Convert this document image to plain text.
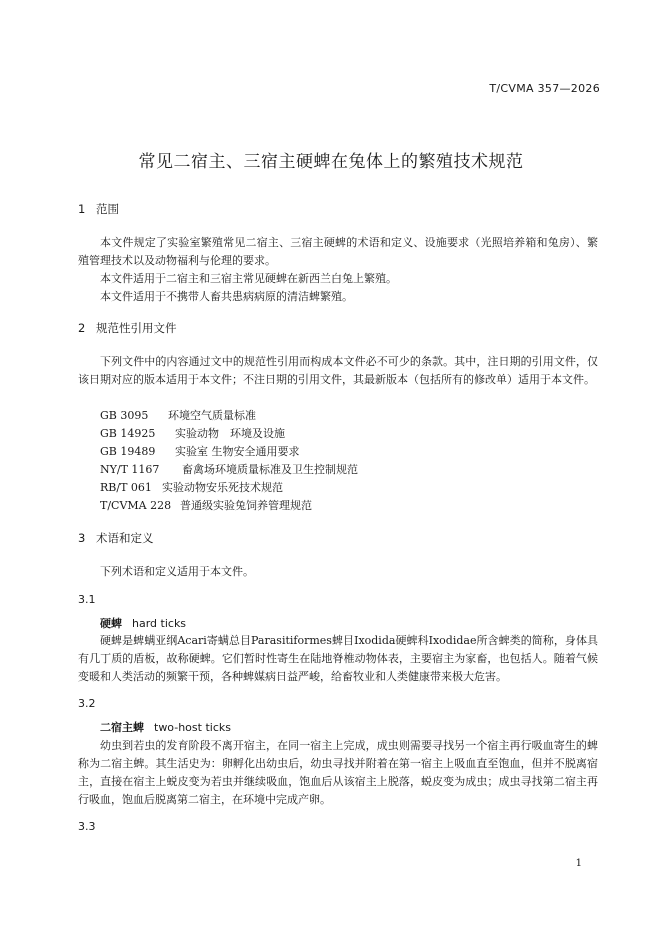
T/CVMA 357—2026
常见二宿主、三宿主硬蜱在兔体上的繁殖技术规范
1 范围
本文件规定了实验室繁殖常见二宿主、三宿主硬蜱的术语和定义、设施要求（光照培养箱和兔房）、繁殖管理技术以及动物福利与伦理的要求。
本文件适用于二宿主和三宿主常见硬蜱在新西兰白兔上繁殖。
本文件适用于不携带人畜共患病病原的清洁蜱繁殖。
2 规范性引用文件
下列文件中的内容通过文中的规范性引用而构成本文件必不可少的条款。其中，注日期的引用文件，仅该日期对应的版本适用于本文件；不注日期的引用文件，其最新版本（包括所有的修改单）适用于本文件。
GB 3095 环境空气质量标准
GB 14925 实验动物　环境及设施
GB 19489 实验室 生物安全通用要求
NY/T 1167 畜禽场环境质量标准及卫生控制规范
RB/T 061 实验动物安乐死技术规范
T/CVMA 228 普通级实验兔饲养管理规范
3 术语和定义
下列术语和定义适用于本文件。
3.1
硬蜱 hard ticks
硬蜱是蜱螨亚纲Acari寄螨总目Parasitiformes蜱目Ixodida硬蜱科Ixodidae所含蜱类的简称，身体具有几丁质的盾板，故称硬蜱。它们暂时性寄生在陆地脊椎动物体表，主要宿主为家畜，也包括人。随着气候变暖和人类活动的频繁干预，各种蜱媒病日益严峻，给畜牧业和人类健康带来极大危害。
3.2
二宿主蜱 two-host ticks
幼虫到若虫的发育阶段不离开宿主，在同一宿主上完成，成虫则需要寻找另一个宿主再行吸血寄生的蜱称为二宿主蜱。其生活史为：卵孵化出幼虫后，幼虫寻找并附着在第一宿主上吸血直至饱血，但并不脱离宿主，直接在宿主上蜕皮变为若虫并继续吸血，饱血后从该宿主上脱落，蜕皮变为成虫；成虫寻找第二宿主再行吸血，饱血后脱离第二宿主，在环境中完成产卵。
3.3
1
